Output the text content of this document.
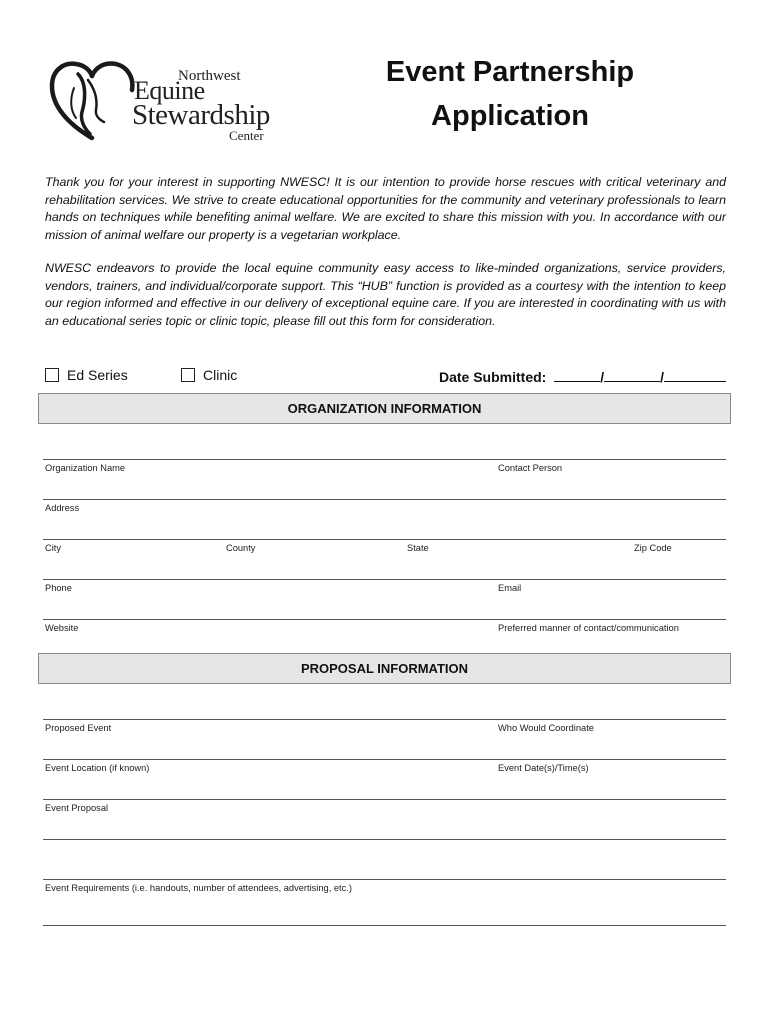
Northwest
Equine
Stewardship
Center
Event Partnership
Application

Thank you for your interest in supporting NWESC! It is our intention to provide horse rescues with critical veterinary and rehabilitation services. We strive to create educational opportunities for the community and veterinary professionals to learn hands on techniques while benefiting animal welfare. We are excited to share this mission with you. In accordance with our mission of animal welfare our property is a vegetarian workplace.

NWESC endeavors to provide the local equine community easy access to like-minded organizations, service providers, vendors, trainers, and individual/corporate support. This “HUB” function is provided as a courtesy with the intention to keep our region informed and effective in our delivery of exceptional equine care. If you are interested in coordinating with us with an educational series topic or clinic topic, please fill out this form for consideration.

Ed Series	Clinic	Date Submitted:	/	/
ORGANIZATION INFORMATION
Organization Name	Contact Person
Address
City	County	State	Zip Code
Phone	Email
Website	Preferred manner of contact/communication
PROPOSAL INFORMATION
Proposed Event	Who Would Coordinate
Event Location (if known)	Event Date(s)/Time(s)
Event Proposal
Event Requirements (i.e. handouts, number of attendees, advertising, etc.)
